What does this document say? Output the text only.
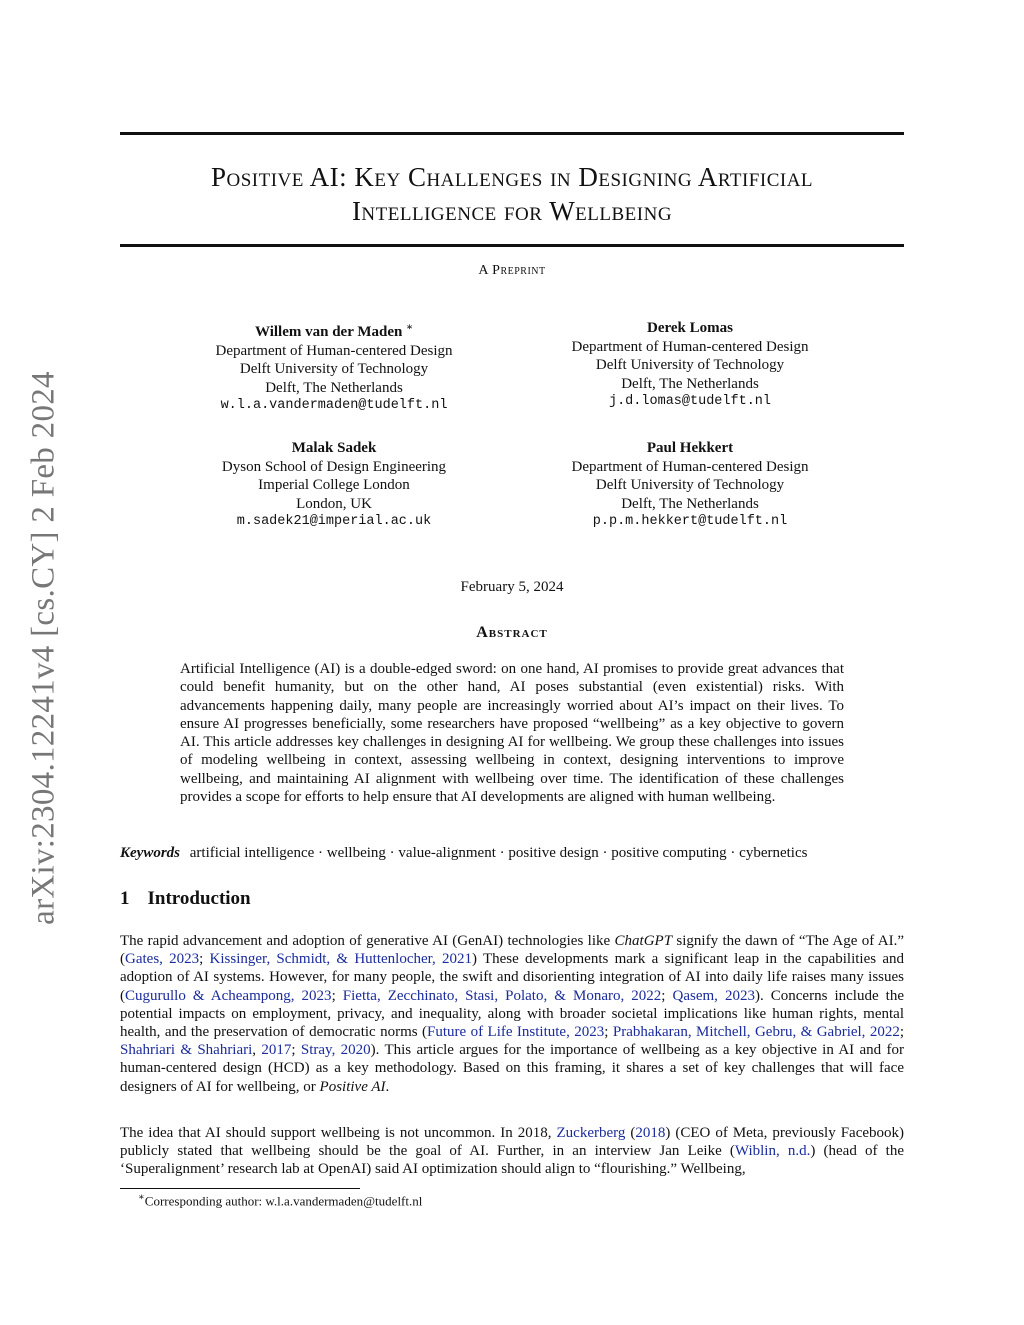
arXiv:2304.12241v4 [cs.CY] 2 Feb 2024
Positive AI: Key Challenges in Designing Artificial
Intelligence for Wellbeing
A Preprint
Willem van der Maden ∗
Department of Human-centered Design
Delft University of Technology
Delft, The Netherlands
w.l.a.vandermaden@tudelft.nl
Derek Lomas
Department of Human-centered Design
Delft University of Technology
Delft, The Netherlands
j.d.lomas@tudelft.nl
Malak Sadek
Dyson School of Design Engineering
Imperial College London
London, UK
m.sadek21@imperial.ac.uk
Paul Hekkert
Department of Human-centered Design
Delft University of Technology
Delft, The Netherlands
p.p.m.hekkert@tudelft.nl
February 5, 2024
Abstract
Artificial Intelligence (AI) is a double-edged sword: on one hand, AI promises to provide great advances that could benefit humanity, but on the other hand, AI poses substantial (even existential) risks. With advancements happening daily, many people are increasingly worried about AI’s impact on their lives. To ensure AI progresses beneficially, some researchers have proposed “wellbeing” as a key objective to govern AI. This article addresses key challenges in designing AI for wellbeing. We group these challenges into issues of modeling wellbeing in context, assessing wellbeing in context, designing interventions to improve wellbeing, and maintaining AI alignment with wellbeing over time. The identification of these challenges provides a scope for efforts to help ensure that AI developments are aligned with human wellbeing.
Keywords artificial intelligence · wellbeing · value-alignment · positive design · positive computing · cybernetics
1 Introduction
The rapid advancement and adoption of generative AI (GenAI) technologies like ChatGPT signify the dawn of “The Age of AI.” (Gates, 2023; Kissinger, Schmidt, & Huttenlocher, 2021) These developments mark a significant leap in the capabilities and adoption of AI systems. However, for many people, the swift and disorienting integration of AI into daily life raises many issues (Cugurullo & Acheampong, 2023; Fietta, Zecchinato, Stasi, Polato, & Monaro, 2022; Qasem, 2023). Concerns include the potential impacts on employment, privacy, and inequality, along with broader societal implications like human rights, mental health, and the preservation of democratic norms (Future of Life Institute, 2023; Prabhakaran, Mitchell, Gebru, & Gabriel, 2022; Shahriari & Shahriari, 2017; Stray, 2020). This article argues for the importance of wellbeing as a key objective in AI and for human-centered design (HCD) as a key methodology. Based on this framing, it shares a set of key challenges that will face designers of AI for wellbeing, or Positive AI.
The idea that AI should support wellbeing is not uncommon. In 2018, Zuckerberg (2018) (CEO of Meta, previously Facebook) publicly stated that wellbeing should be the goal of AI. Further, in an interview Jan Leike (Wiblin, n.d.) (head of the ‘Superalignment’ research lab at OpenAI) said AI optimization should align to “flourishing.” Wellbeing,
∗Corresponding author: w.l.a.vandermaden@tudelft.nl
